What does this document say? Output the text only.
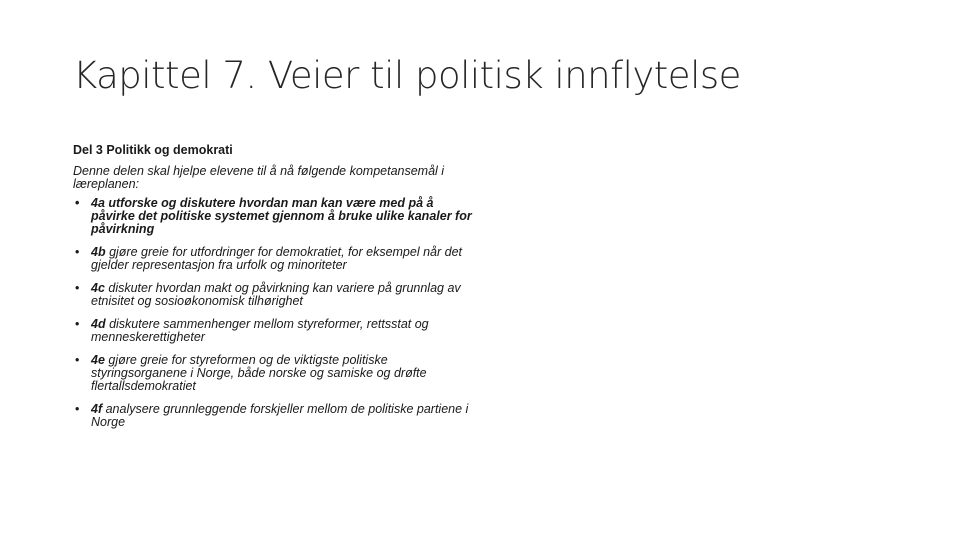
Kapittel 7. Veier til politisk innflytelse

Del 3 Politikk og demokrati

Denne delen skal hjelpe elevene til å nå følgende kompetansemål i læreplanen:

• 4a utforske og diskutere hvordan man kan være med på å påvirke det politiske systemet gjennom å bruke ulike kanaler for påvirkning
• 4b gjøre greie for utfordringer for demokratiet, for eksempel når det gjelder representasjon fra urfolk og minoriteter
• 4c diskuter hvordan makt og påvirkning kan variere på grunnlag av etnisitet og sosioøkonomisk tilhørighet
• 4d diskutere sammenhenger mellom styreformer, rettsstat og menneskerettigheter
• 4e gjøre greie for styreformen og de viktigste politiske styringsorganene i Norge, både norske og samiske og drøfte flertallsdemokratiet
• 4f analysere grunnleggende forskjeller mellom de politiske partiene i Norge
